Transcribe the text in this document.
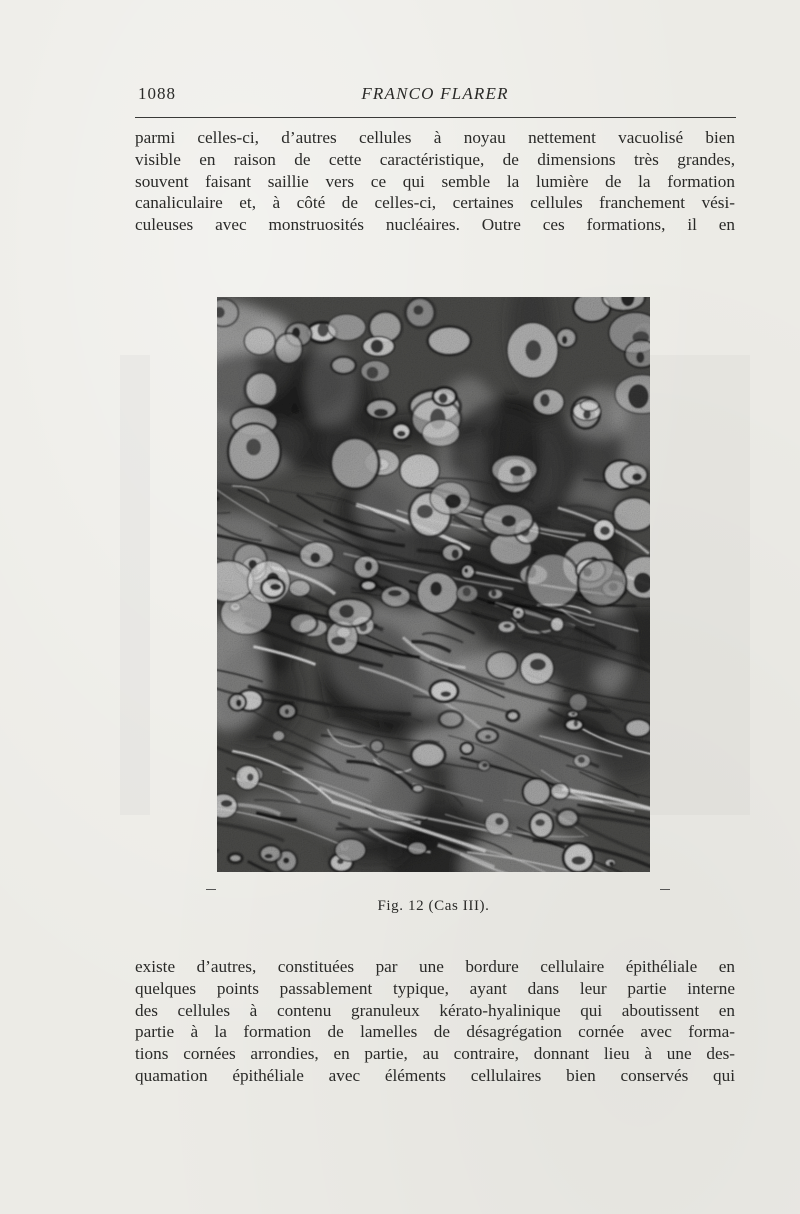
1088	FRANCO FLARER
parmi celles-ci, d’autres cellules à noyau nettement vacuolisé bien
visible en raison de cette caractéristique, de dimensions très grandes,
souvent faisant saillie vers ce qui semble la lumière de la formation
canaliculaire et, à côté de celles-ci, certaines cellules franchement vési-
culeuses avec monstruosités nucléaires. Outre ces formations, il en
Fig. 12 (Cas III).
existe d’autres, constituées par une bordure cellulaire épithéliale en
quelques points passablement typique, ayant dans leur partie interne
des cellules à contenu granuleux kérato-hyalinique qui aboutissent en
partie à la formation de lamelles de désagrégation cornée avec forma-
tions cornées arrondies, en partie, au contraire, donnant lieu à une des-
quamation épithéliale avec éléments cellulaires bien conservés qui
